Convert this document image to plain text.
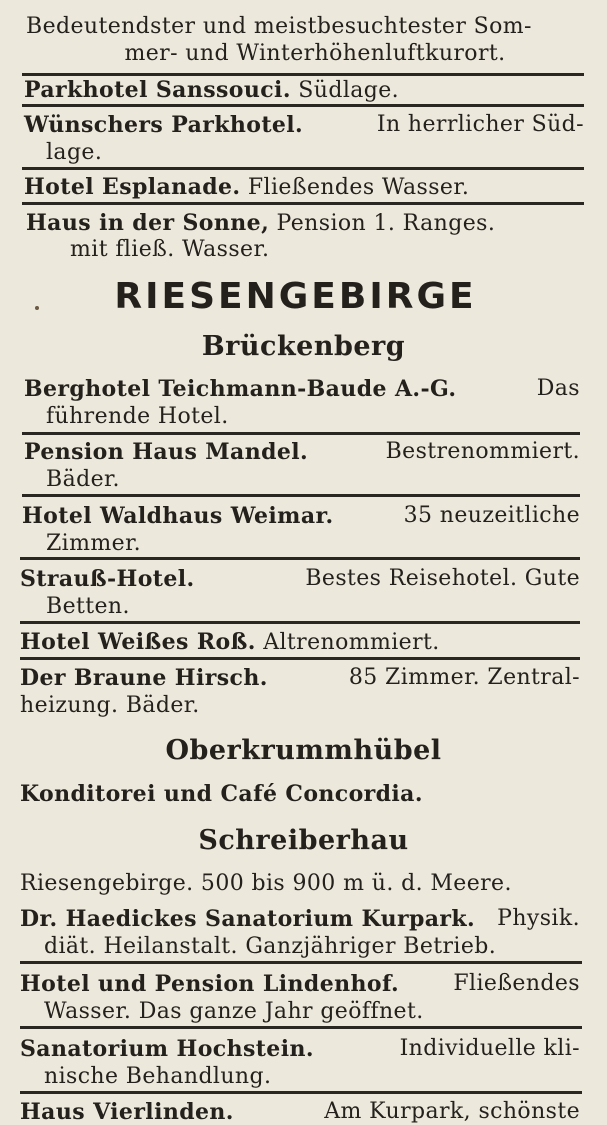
Bedeutendster und meistbesuchtester Som-
mer- und Winterhöhenluftkurort.
Parkhotel Sanssouci. Südlage.
Wünschers Parkhotel.	In herrlicher Süd-
lage.
Hotel Esplanade. Fließendes Wasser.
Haus in der Sonne, Pension 1. Ranges.
mit fließ. Wasser.
RIESENGEBIRGE
Brückenberg
Berghotel Teichmann-Baude A.-G.	Das
führende Hotel.
Pension Haus Mandel.	Bestrenommiert.
Bäder.
Hotel Waldhaus Weimar.	35 neuzeitliche
Zimmer.
Strauß-Hotel.	Bestes Reisehotel. Gute
Betten.
Hotel Weißes Roß. Altrenommiert.
Der Braune Hirsch.	85 Zimmer. Zentral-
heizung. Bäder.
Oberkrummhübel
Konditorei und Café Concordia.
Schreiberhau
Riesengebirge. 500 bis 900 m ü. d. Meere.
Dr. Haedickes Sanatorium Kurpark. Physik.
diät. Heilanstalt. Ganzjähriger Betrieb.
Hotel und Pension Lindenhof. Fließendes
Wasser. Das ganze Jahr geöffnet.
Sanatorium Hochstein.	Individuelle kli-
nische Behandlung.
Haus Vierlinden.	Am Kurpark, schönste
